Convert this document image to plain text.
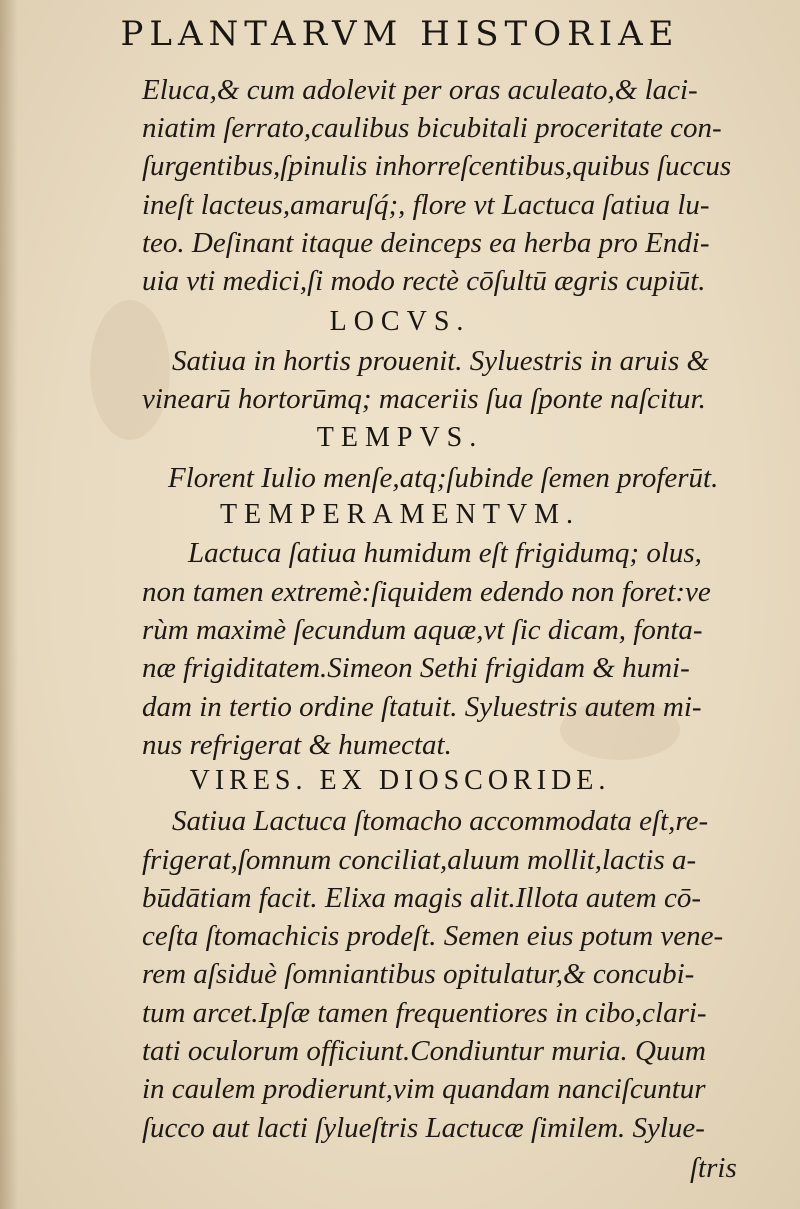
PLANTARVM HISTORIAE
Eluca,& cum adolevit per oras aculeato,& laci-
niatim ſerrato,caulibus bicubitali proceritate con-
ſurgentibus,ſpinulis inhorreſcentibus,quibus ſuccus
ineſt lacteus,amaruſq́;, flore vt Lactuca ſatiua lu-
teo. Deſinant itaque deinceps ea herba pro Endi-
uia vti medici,ſi modo rectè cōſultū ægris cupiūt.
LOCVS.
Satiua in hortis prouenit. Syluestris in aruis &
vinearū hortorūmq; maceriis ſua ſponte naſcitur.
TEMPVS.
Florent Iulio menſe,atq;ſubinde ſemen proferūt.
TEMPERAMENTVM.
Lactuca ſatiua humidum eſt frigidumq; olus,
non tamen extremè:ſiquidem edendo non foret:ve
rùm maximè ſecundum aquæ,vt ſic dicam, fonta-
næ frigiditatem.Simeon Sethi frigidam & humi-
dam in tertio ordine ſtatuit. Syluestris autem mi-
nus refrigerat & humectat.
VIRES. EX DIOSCORIDE.
Satiua Lactuca ſtomacho accommodata eſt,re-
frigerat,ſomnum conciliat,aluum mollit,lactis a-
būdātiam facit. Elixa magis alit.Illota autem cō-
ceſta ſtomachicis prodeſt. Semen eius potum vene-
rem aſsiduè ſomniantibus opitulatur,& concubi-
tum arcet.Ipſæ tamen frequentiores in cibo,clari-
tati oculorum officiunt.Condiuntur muria. Quum
in caulem prodierunt,vim quandam nanciſcuntur
ſucco aut lacti ſylueſtris Lactucæ ſimilem. Sylue-
ſtris
